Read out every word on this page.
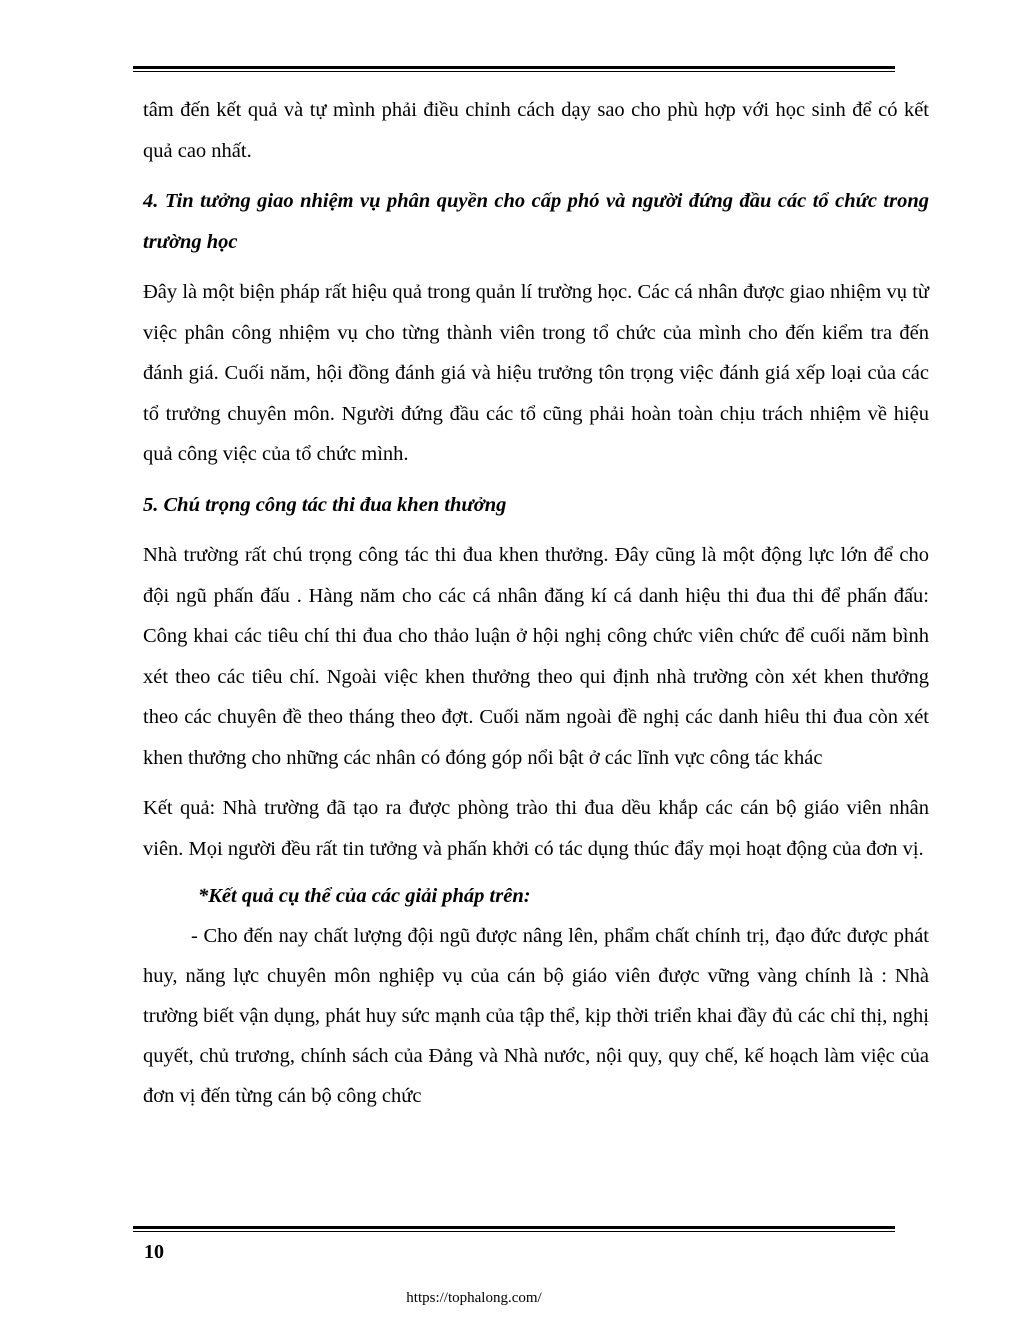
tâm đến kết quả và tự mình phải điều chỉnh cách dạy sao cho phù hợp với học sinh để có kết quả cao nhất.

4. Tin tưởng giao nhiệm vụ phân quyền cho cấp phó và người đứng đầu các tổ chức trong trường học

Đây là một biện pháp rất hiệu quả trong quản lí trường học. Các cá nhân được giao nhiệm vụ từ việc phân công nhiệm vụ cho từng thành viên trong tổ chức của mình cho đến kiểm tra đến đánh giá. Cuối năm, hội đồng đánh giá và hiệu trưởng tôn trọng việc đánh giá xếp loại của các tổ trưởng chuyên môn. Người đứng đầu các tổ cũng phải hoàn toàn chịu trách nhiệm về hiệu quả công việc của tổ chức mình.

5. Chú trọng công tác thi đua khen thưởng

Nhà trường rất chú trọng công tác thi đua khen thưởng. Đây cũng là một động lực lớn để cho đội ngũ phấn đấu . Hàng năm cho các cá nhân đăng kí cá danh hiệu thi đua thi để phấn đấu: Công khai các tiêu chí thi đua cho thảo luận ở hội nghị công chức viên chức để cuối năm bình xét theo các tiêu chí. Ngoài việc khen thưởng theo qui định nhà trường còn xét khen thưởng theo các chuyên đề theo tháng theo đợt. Cuối năm ngoài đề nghị các danh hiêu thi đua còn xét khen thưởng cho những các nhân có đóng góp nổi bật ở các lĩnh vực công tác khác

Kết quả: Nhà trường đã tạo ra được phòng trào thi đua dều khắp các cán bộ giáo viên nhân viên. Mọi người đều rất tin tưởng và phấn khởi có tác dụng thúc đẩy mọi hoạt động của đơn vị.

*Kết quả cụ thể của các giải pháp trên:

- Cho đến nay chất lượng đội ngũ được nâng lên, phẩm chất chính trị, đạo đức được phát huy, năng lực chuyên môn nghiệp vụ của cán bộ giáo viên được vững vàng chính là : Nhà trường biết vận dụng, phát huy sức mạnh của tập thể, kịp thời triển khai đầy đủ các chỉ thị, nghị quyết, chủ trương, chính sách của Đảng và Nhà nước, nội quy, quy chế, kế hoạch làm việc của đơn vị đến từng cán bộ công chức

10
https://tophalong.com/
